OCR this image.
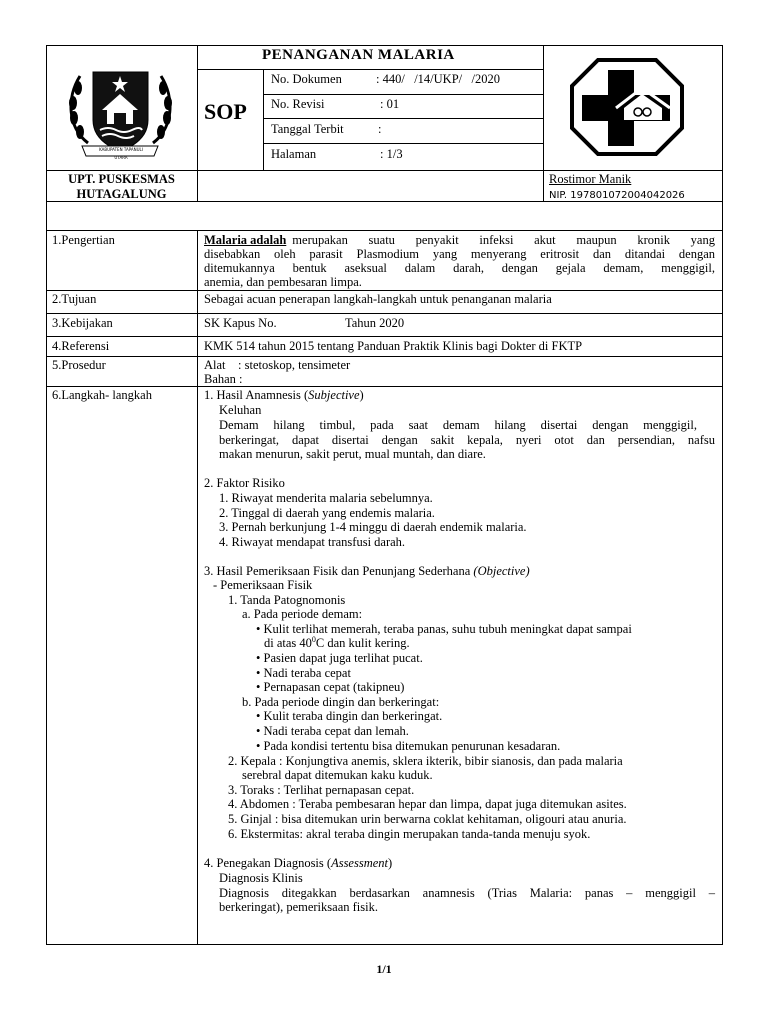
KABUPATEN TAPANULI UTARA
PENANGANAN MALARIA
SOP
No. Dokumen	: 440/   /14/UKP/   /2020
No. Revisi	: 01
Tanggal Terbit	:
Halaman	: 1/3
UPT. PUSKESMAS
HUTAGALUNG
Rostimor Manik
NIP. 197801072004042026
1.Pengertian	Malaria adalah merupakan suatu penyakit infeksi akut maupun kronik yang
disebabkan oleh parasit Plasmodium yang menyerang eritrosit dan ditandai dengan
ditemukannya bentuk aseksual dalam darah, dengan gejala demam, menggigil,
anemia, dan pembesaran limpa.
2.Tujuan	Sebagai acuan penerapan langkah-langkah untuk penanganan malaria
3.Kebijakan	SK Kapus No.	Tahun 2020
4.Referensi	KMK 514 tahun 2015 tentang Panduan Praktik Klinis bagi Dokter di FKTP
5.Prosedur	Alat    : stetoskop, tensimeter
Bahan :
6.Langkah- langkah	1. Hasil Anamnesis (Subjective)
Keluhan
Demam hilang timbul, pada saat demam hilang disertai dengan menggigil,
berkeringat, dapat disertai dengan sakit kepala, nyeri otot dan persendian, nafsu
makan menurun, sakit perut, mual muntah, dan diare.
2. Faktor Risiko
1. Riwayat menderita malaria sebelumnya.
2. Tinggal di daerah yang endemis malaria.
3. Pernah berkunjung 1-4 minggu di daerah endemik malaria.
4. Riwayat mendapat transfusi darah.
3. Hasil Pemeriksaan Fisik dan Penunjang Sederhana (Objective)
- Pemeriksaan Fisik
1. Tanda Patognomonis
a. Pada periode demam:
• Kulit terlihat memerah, teraba panas, suhu tubuh meningkat dapat sampai
di atas $40^0C$ dan kulit kering.
• Pasien dapat juga terlihat pucat.
• Nadi teraba cepat
• Pernapasan cepat (takipneu)
b. Pada periode dingin dan berkeringat:
• Kulit teraba dingin dan berkeringat.
• Nadi teraba cepat dan lemah.
• Pada kondisi tertentu bisa ditemukan penurunan kesadaran.
2. Kepala : Konjungtiva anemis, sklera ikterik, bibir sianosis, dan pada malaria
serebral dapat ditemukan kaku kuduk.
3. Toraks : Terlihat pernapasan cepat.
4. Abdomen : Teraba pembesaran hepar dan limpa, dapat juga ditemukan asites.
5. Ginjal : bisa ditemukan urin berwarna coklat kehitaman, oligouri atau anuria.
6. Ekstermitas: akral teraba dingin merupakan tanda-tanda menuju syok.
4. Penegakan Diagnosis (Assessment)
Diagnosis Klinis
Diagnosis ditegakkan berdasarkan anamnesis (Trias Malaria: panas – menggigil –
berkeringat), pemeriksaan fisik.
1/1
